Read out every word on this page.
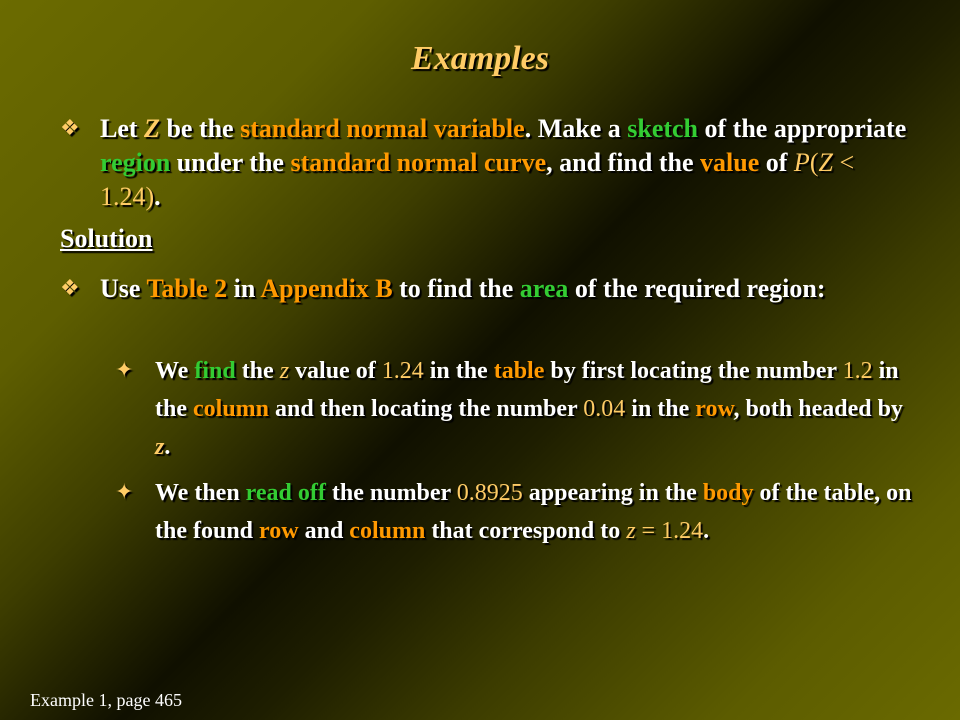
Examples
❖ Let Z be the standard normal variable. Make a sketch of the appropriate region under the standard normal curve, and find the value of P(Z < 1.24).
Solution
❖ Use Table 2 in Appendix B to find the area of the required region:
✦ We find the z value of 1.24 in the table by first locating the number 1.2 in the column and then locating the number 0.04 in the row, both headed by z.
✦ We then read off the number 0.8925 appearing in the body of the table, on the found row and column that correspond to z = 1.24.
Example 1, page 465
